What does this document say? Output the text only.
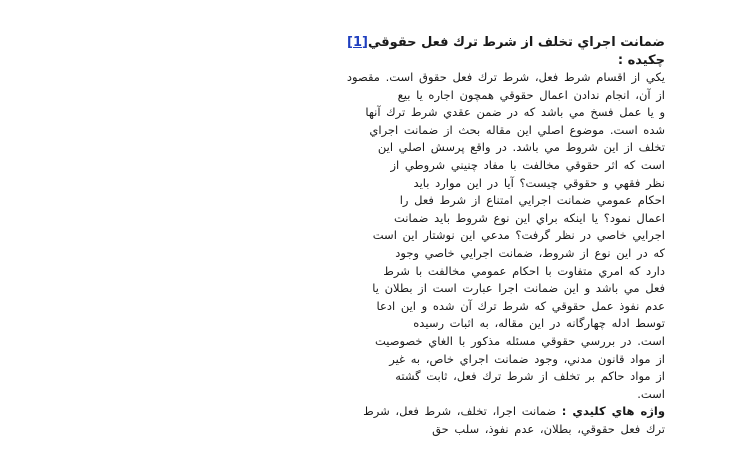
ضمانت اجراي تخلف از شرط ترك فعل حقوقي[1]
چكيده :
يكي از اقسام شرط فعل، شرط ترك فعل حقوق است. مقصود
از آن، انجام ندادن اعمال حقوقي همچون اجاره يا بيع
و يا عمل فسخ مي باشد كه در ضمن عقدي شرط ترك آنها
شده است. موضوع اصلي اين مقاله بحث از ضمانت اجراي
تخلف از اين شروط مي باشد. در واقع پرسش اصلي اين
است كه اثر حقوقي مخالفت با مفاد چنيني شروطي از
نظر فقهي و حقوقي چيست؟ آيا در اين موارد بايد
احكام عمومي ضمانت اجرايي امتناع از شرط فعل را
اعمال نمود؟ يا اينكه براي اين نوع شروط بايد ضمانت
اجرايي خاصي در نظر گرفت؟ مدعي اين نوشتار اين است
كه در اين نوع از شروط، ضمانت اجرايي خاصي وجود
دارد كه امري متفاوت با احكام عمومي مخالفت با شرط
فعل مي باشد و اين ضمانت اجرا عبارت است از بطلان يا
عدم نفوذ عمل حقوقي كه شرط ترك آن شده و اين ادعا
توسط ادله چهارگانه در اين مقاله، به اثبات رسيده
است. در بررسي حقوقي مسئله مذكور با الغاي خصوصيت
از مواد قانون مدني، وجود ضمانت اجراي خاص، به غير
از مواد حاكم بر تخلف از شرط ترك فعل، ثابت گشته
است.
واژه هاي كليدي : ضمانت اجرا، تخلف، شرط فعل، شرط
ترك فعل حقوقي، بطلان، عدم نفوذ، سلب حق
